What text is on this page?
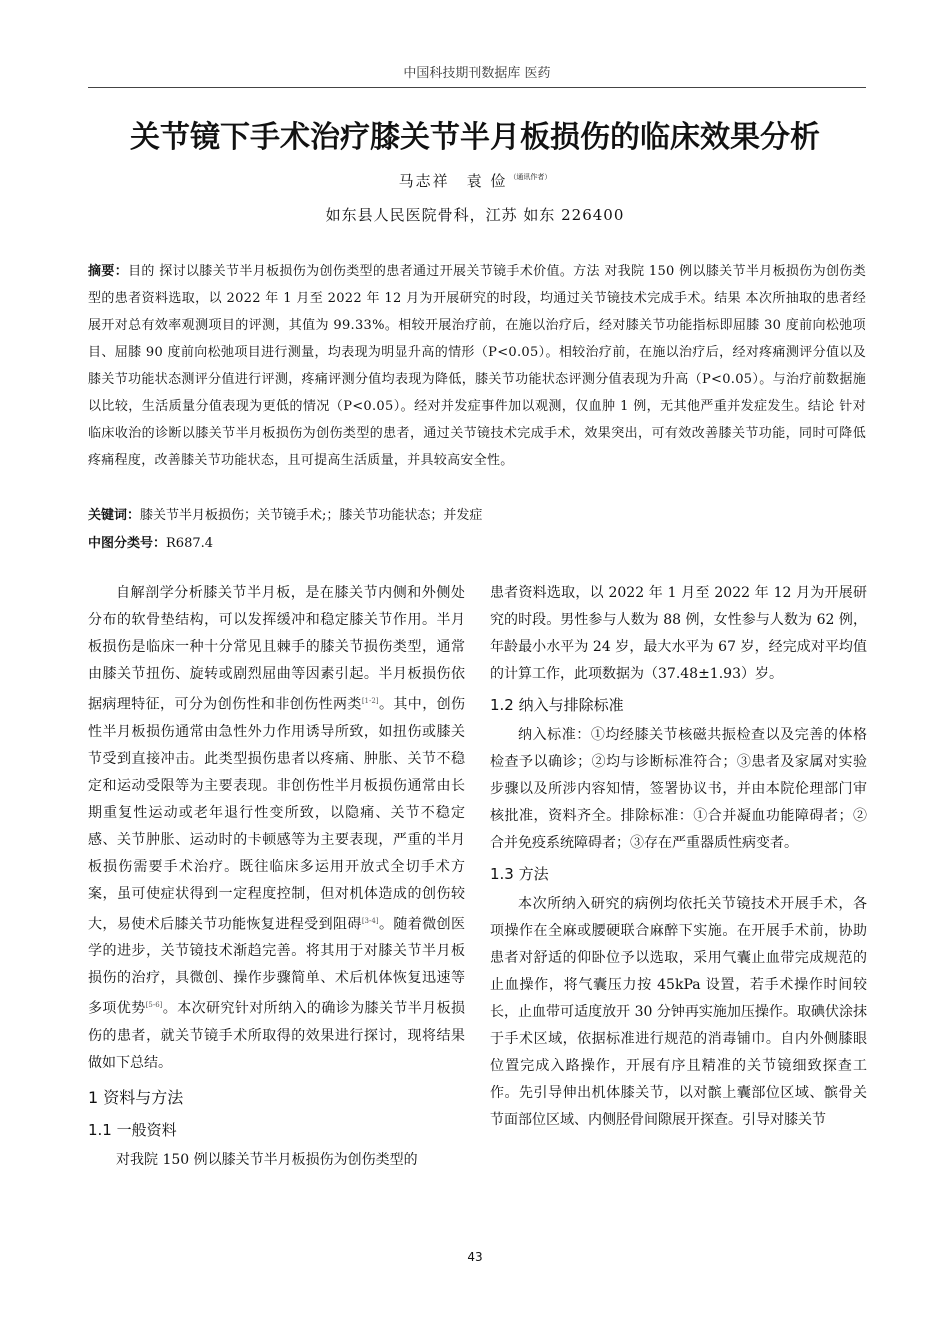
中国科技期刊数据库 医药
关节镜下手术治疗膝关节半月板损伤的临床效果分析
马志祥　袁 俭 $^{(通讯作者)}$
如东县人民医院骨科，江苏 如东 226400
摘要：目的 探讨以膝关节半月板损伤为创伤类型的患者通过开展关节镜手术价值。方法 对我院 150 例以膝关节半月板损伤为创伤类型的患者资料选取，以 2022 年 1 月至 2022 年 12 月为开展研究的时段，均通过关节镜技术完成手术。结果 本次所抽取的患者经展开对总有效率观测项目的评测，其值为 99.33%。相较开展治疗前，在施以治疗后，经对膝关节功能指标即屈膝 30 度前向松弛项目、屈膝 90 度前向松弛项目进行测量，均表现为明显升高的情形（P<0.05）。相较治疗前，在施以治疗后，经对疼痛测评分值以及膝关节功能状态测评分值进行评测，疼痛评测分值均表现为降低，膝关节功能状态评测分值表现为升高（P<0.05）。与治疗前数据施以比较，生活质量分值表现为更低的情况（P<0.05）。经对并发症事件加以观测，仅血肿 1 例，无其他严重并发症发生。结论 针对临床收治的诊断以膝关节半月板损伤为创伤类型的患者，通过关节镜技术完成手术，效果突出，可有效改善膝关节功能，同时可降低疼痛程度，改善膝关节功能状态，且可提高生活质量，并具较高安全性。
关键词：膝关节半月板损伤；关节镜手术;；膝关节功能状态；并发症
中图分类号：R687.4

自解剖学分析膝关节半月板，是在膝关节内侧和外侧处分布的软骨垫结构，可以发挥缓冲和稳定膝关节作用。半月板损伤是临床一种十分常见且棘手的膝关节损伤类型，通常由膝关节扭伤、旋转或剧烈屈曲等因素引起。半月板损伤依据病理特征，可分为创伤性和非创伤性两类[1-2]。其中，创伤性半月板损伤通常由急性外力作用诱导所致，如扭伤或膝关节受到直接冲击。此类型损伤患者以疼痛、肿胀、关节不稳定和运动受限等为主要表现。非创伤性半月板损伤通常由长期重复性运动或老年退行性变所致，以隐痛、关节不稳定感、关节肿胀、运动时的卡顿感等为主要表现，严重的半月板损伤需要手术治疗。既往临床多运用开放式全切手术方案，虽可使症状得到一定程度控制，但对机体造成的创伤较大，易使术后膝关节功能恢复进程受到阻碍[3-4]。随着微创医学的进步，关节镜技术渐趋完善。将其用于对膝关节半月板损伤的治疗，具微创、操作步骤简单、术后机体恢复迅速等多项优势[5-6]。本次研究针对所纳入的确诊为膝关节半月板损伤的患者，就关节镜手术所取得的效果进行探讨，现将结果做如下总结。

1 资料与方法
1.1 一般资料

对我院 150 例以膝关节半月板损伤为创伤类型的

患者资料选取，以 2022 年 1 月至 2022 年 12 月为开展研究的时段。男性参与人数为 88 例，女性参与人数为 62 例，年龄最小水平为 24 岁，最大水平为 67 岁，经完成对平均值的计算工作，此项数据为（37.48±1.93）岁。

1.2 纳入与排除标准

纳入标准：①均经膝关节核磁共振检查以及完善的体格检查予以确诊；②均与诊断标准符合；③患者及家属对实验步骤以及所涉内容知情，签署协议书，并由本院伦理部门审核批准，资料齐全。排除标准：①合并凝血功能障碍者；②合并免疫系统障碍者；③存在严重器质性病变者。

1.3 方法

本次所纳入研究的病例均依托关节镜技术开展手术，各项操作在全麻或腰硬联合麻醉下实施。在开展手术前，协助患者对舒适的仰卧位予以选取，采用气囊止血带完成规范的止血操作，将气囊压力按 45kPa 设置，若手术操作时间较长，止血带可适度放开 30 分钟再实施加压操作。取碘伏涂抹于手术区域，依据标准进行规范的消毒铺巾。自内外侧膝眼位置完成入路操作，开展有序且精准的关节镜细致探查工作。先引导伸出机体膝关节，以对髌上囊部位区域、髌骨关节面部位区域、内侧胫骨间隙展开探查。引导对膝关节

43
